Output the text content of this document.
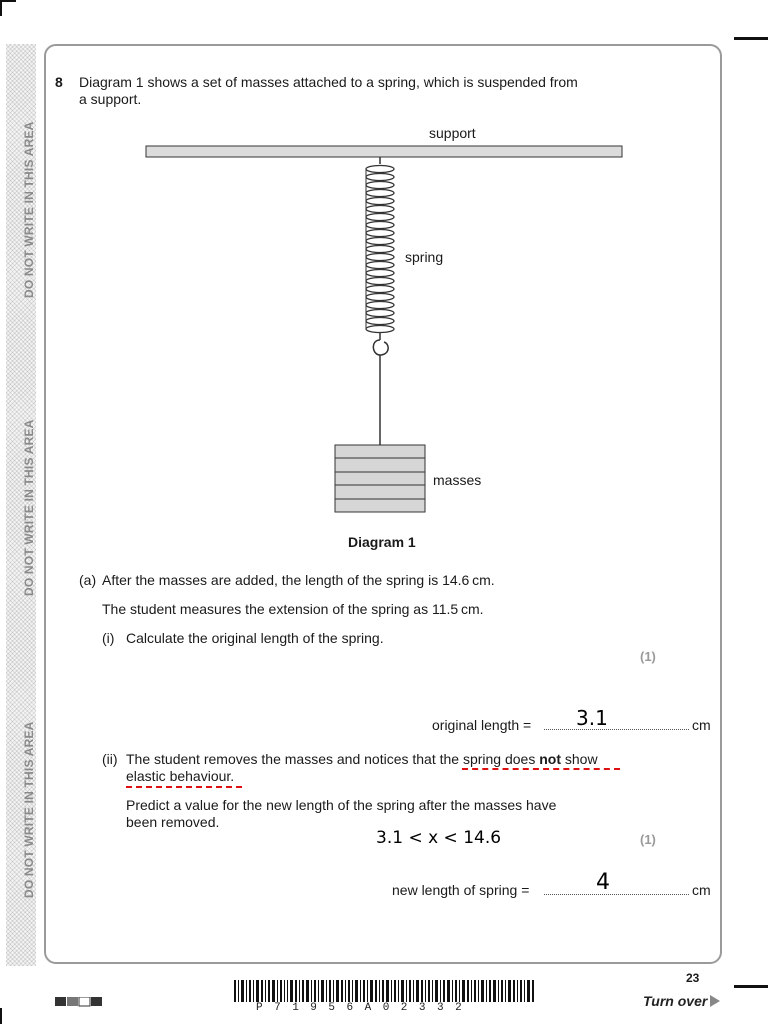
DO NOT WRITE IN THIS AREA
DO NOT WRITE IN THIS AREA
DO NOT WRITE IN THIS AREA
8 Diagram 1 shows a set of masses attached to a spring, which is suspended from
a support.
support
spring
masses
Diagram 1
(a) After the masses are added, the length of the spring is 14.6 cm.
The student measures the extension of the spring as 11.5 cm.
(i) Calculate the original length of the spring.
(1)
original length = 3.1	cm
(ii) The student removes the masses and notices that the spring does not show
elastic behaviour.
Predict a value for the new length of the spring after the masses have
been removed.
3.1 < x < 14.6	(1)
new length of spring =	4	cm
P71956A02332
23
Turn over
